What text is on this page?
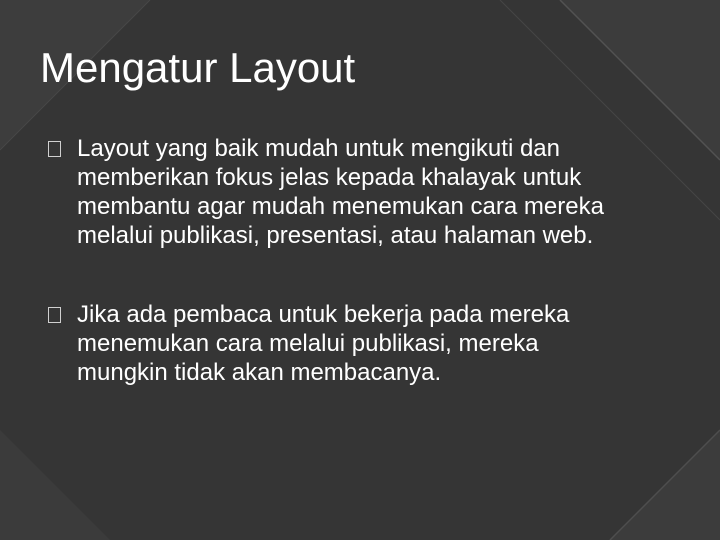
Mengatur Layout
Layout yang baik mudah untuk mengikuti dan memberikan fokus jelas kepada khalayak untuk membantu agar mudah menemukan cara mereka melalui publikasi, presentasi, atau halaman web.
Jika ada pembaca untuk bekerja pada mereka menemukan cara melalui publikasi, mereka mungkin tidak akan membacanya.
